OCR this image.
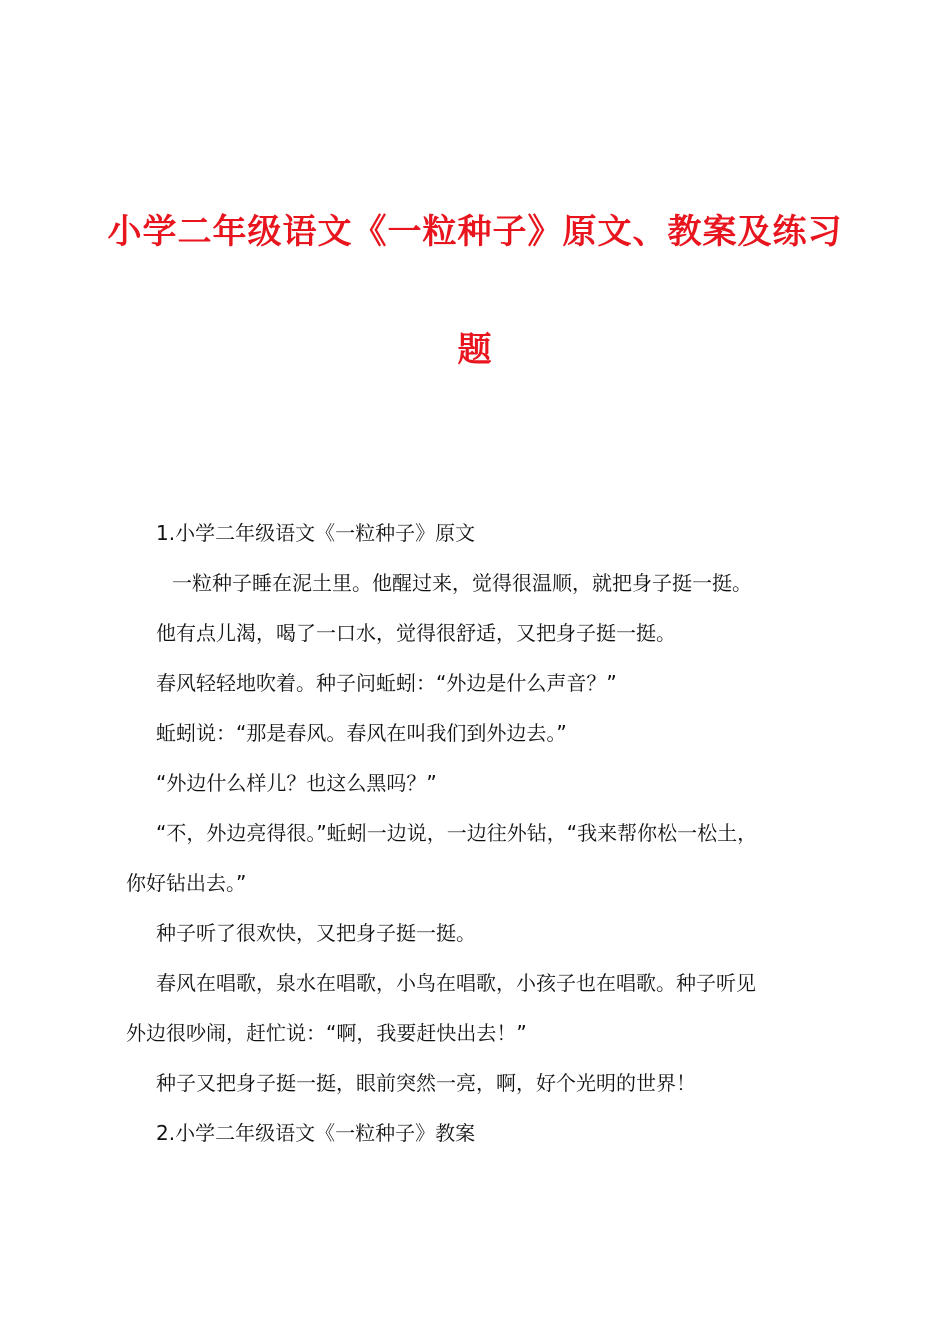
小学二年级语文《一粒种子》原文、教案及练习
题

1.小学二年级语文《一粒种子》原文

一粒种子睡在泥土里。他醒过来，觉得很温顺，就把身子挺一挺。

他有点儿渴，喝了一口水，觉得很舒适，又把身子挺一挺。

春风轻轻地吹着。种子问蚯蚓：“外边是什么声音？”

蚯蚓说：“那是春风。春风在叫我们到外边去。”

“外边什么样儿？也这么黑吗？”

“不，外边亮得很。”蚯蚓一边说，一边往外钻，“我来帮你松一松土，
你好钻出去。”

种子听了很欢快，又把身子挺一挺。

春风在唱歌，泉水在唱歌，小鸟在唱歌，小孩子也在唱歌。种子听见
外边很吵闹，赶忙说：“啊，我要赶快出去！”

种子又把身子挺一挺，眼前突然一亮，啊，好个光明的世界！

2.小学二年级语文《一粒种子》教案
